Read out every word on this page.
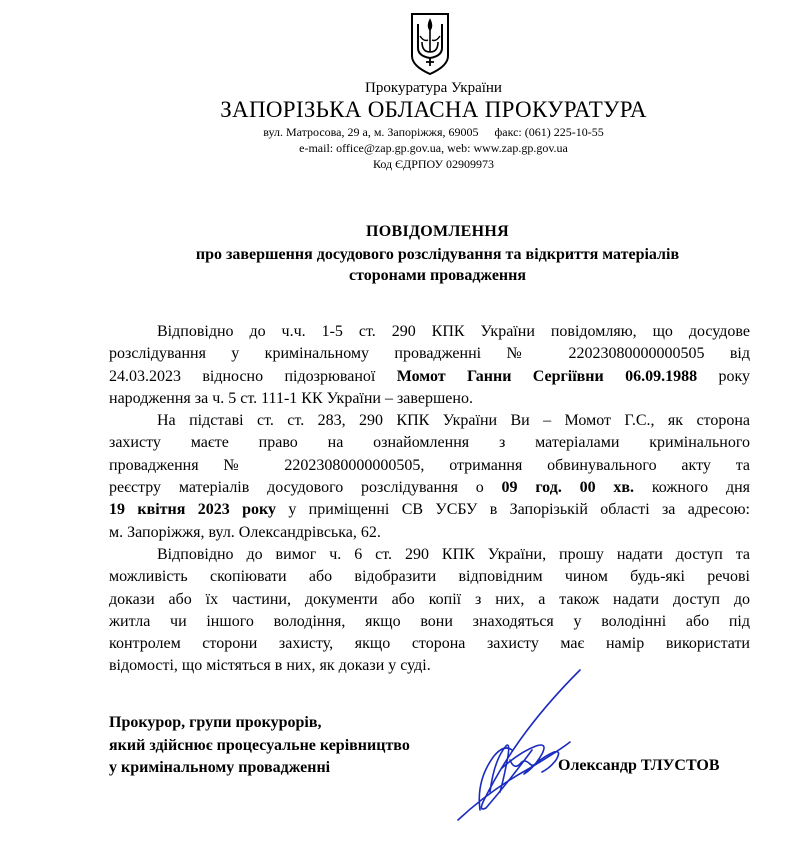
Прокуратура України
ЗАПОРІЗЬКА ОБЛАСНА ПРОКУРАТУРА
вул. Матросова, 29 а, м. Запоріжжя, 69005 факс: (061) 225-10-55
e-mail: office@zap.gp.gov.ua, web: www.zap.gp.gov.ua
Код ЄДРПОУ 02909973
ПОВІДОМЛЕННЯ
про завершення досудового розслідування та відкриття матеріалів
сторонами провадження
Відповідно до ч.ч. 1-5 ст. 290 КПК України повідомляю, що досудове
розслідування у кримінальному провадженні № 22023080000000505 від
24.03.2023 відносно підозрюваної Момот Ганни Сергіївни 06.09.1988 року
народження за ч. 5 ст. 111-1 КК України – завершено.
На підставі ст. ст. 283, 290 КПК України Ви – Момот Г.С., як сторона
захисту маєте право на ознайомлення з матеріалами кримінального
провадження № 22023080000000505, отримання обвинувального акту та
реєстру матеріалів досудового розслідування о 09 год. 00 хв. кожного дня
19 квітня 2023 року у приміщенні СВ УСБУ в Запорізькій області за адресою:
м. Запоріжжя, вул. Олександрівська, 62.
Відповідно до вимог ч. 6 ст. 290 КПК України, прошу надати доступ та
можливість скопіювати або відобразити відповідним чином будь-які речові
докази або їх частини, документи або копії з них, а також надати доступ до
житла чи іншого володіння, якщо вони знаходяться у володінні або під
контролем сторони захисту, якщо сторона захисту має намір використати
відомості, що містяться в них, як докази у суді.
Прокурор, групи прокурорів,
який здійснює процесуальне керівництво
у кримінальному провадженні	Олександр ТЛУСТОВ
